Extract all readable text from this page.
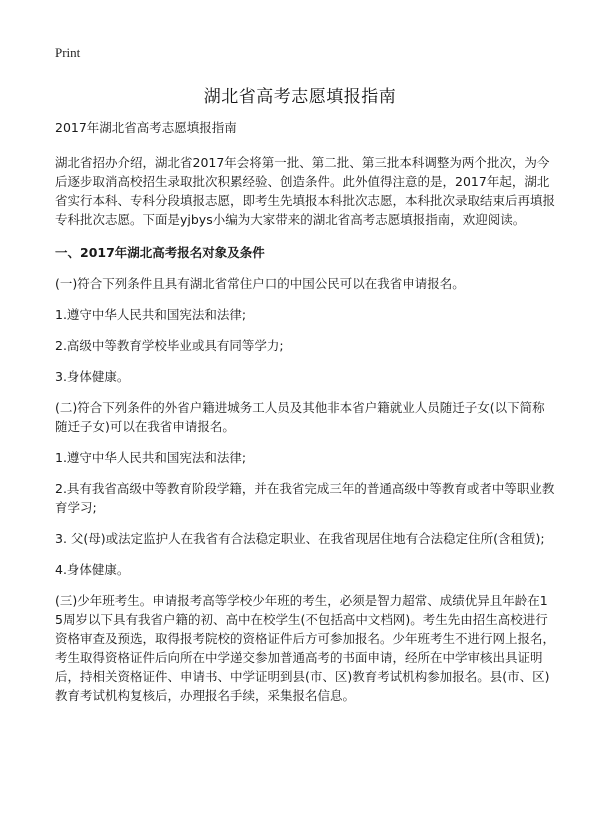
Print
湖北省高考志愿填报指南

2017年湖北省高考志愿填报指南

湖北省招办介绍，湖北省2017年会将第一批、第二批、第三批本科调整为两个批次，为今后逐步取消高校招生录取批次积累经验、创造条件。此外值得注意的是，2017年起，湖北省实行本科、专科分段填报志愿，即考生先填报本科批次志愿，本科批次录取结束后再填报专科批次志愿。下面是yjbys小编为大家带来的湖北省高考志愿填报指南，欢迎阅读。

一、2017年湖北高考报名对象及条件

(一)符合下列条件且具有湖北省常住户口的中国公民可以在我省申请报名。

1.遵守中华人民共和国宪法和法律;

2.高级中等教育学校毕业或具有同等学力;

3.身体健康。

(二)符合下列条件的外省户籍进城务工人员及其他非本省户籍就业人员随迁子女(以下简称随迁子女)可以在我省申请报名。

1.遵守中华人民共和国宪法和法律;

2.具有我省高级中等教育阶段学籍，并在我省完成三年的普通高级中等教育或者中等职业教育学习;

3. 父(母)或法定监护人在我省有合法稳定职业、在我省现居住地有合法稳定住所(含租赁);

4.身体健康。

(三)少年班考生。申请报考高等学校少年班的考生，必须是智力超常、成绩优异且年龄在15周岁以下具有我省户籍的初、高中在校学生(不包括高中文档网)。考生先由招生高校进行资格审查及预选，取得报考院校的资格证件后方可参加报名。少年班考生不进行网上报名，考生取得资格证件后向所在中学递交参加普通高考的书面申请，经所在中学审核出具证明后，持相关资格证件、申请书、中学证明到县(市、区)教育考试机构参加报名。县(市、区)教育考试机构复核后，办理报名手续，采集报名信息。
